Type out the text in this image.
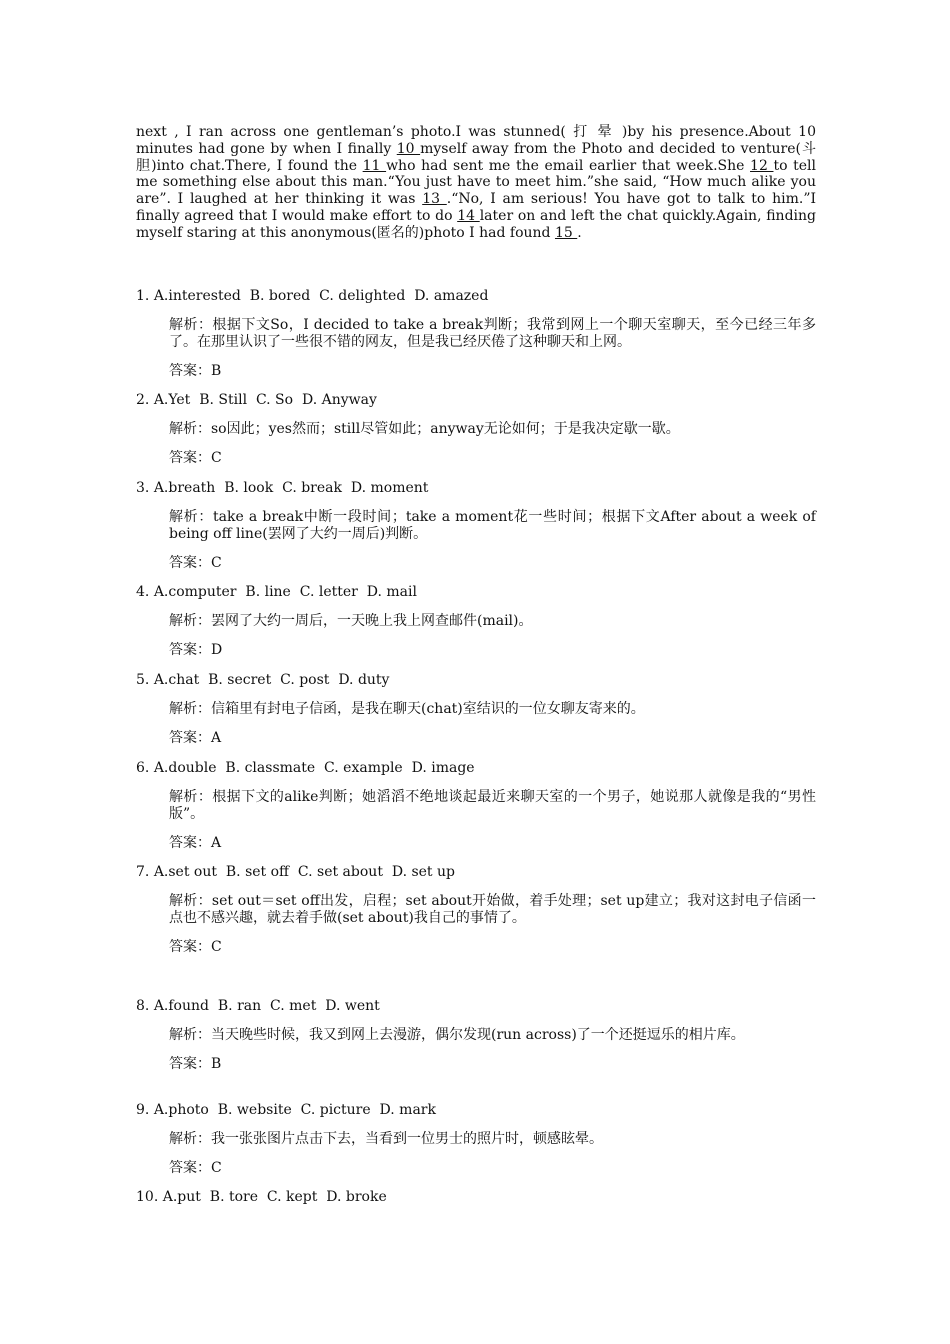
next , I ran across one gentleman’s photo.I was stunned( 打 晕 )by his presence.About 10 minutes had gone by when I finally 10 myself away from the Photo and decided to venture(斗胆)into chat.There, I found the 11 who had sent me the email earlier that week.She 12 to tell me something else about this man.“You just have to meet him.”she said, “How much alike you are”. I laughed at her thinking it was 13 .“No, I am serious! You have got to talk to him.”I finally agreed that I would make effort to do 14 later on and left the chat quickly.Again, finding myself staring at this anonymous(匿名的)photo I had found 15 .
1. A.interested  B. bored  C. delighted  D. amazed
解析：根据下文So，I decided to take a break判断；我常到网上一个聊天室聊天，至今已经三年多了。在那里认识了一些很不错的网友，但是我已经厌倦了这种聊天和上网。
答案：B
2. A.Yet  B. Still  C. So  D. Anyway
解析：so因此；yes然而；still尽管如此；anyway无论如何；于是我决定歇一歇。
答案：C
3. A.breath  B. look  C. break  D. moment
解析：take a break中断一段时间；take a moment花一些时间；根据下文After about a week of being off line(罢网了大约一周后)判断。
答案：C
4. A.computer  B. line  C. letter  D. mail
解析：罢网了大约一周后，一天晚上我上网查邮件(mail)。
答案：D
5. A.chat  B. secret  C. post  D. duty
解析：信箱里有封电子信函，是我在聊天(chat)室结识的一位女聊友寄来的。
答案：A
6. A.double  B. classmate  C. example  D. image
解析：根据下文的alike判断；她滔滔不绝地谈起最近来聊天室的一个男子，她说那人就像是我的“男性版”。
答案：A
7. A.set out  B. set off  C. set about  D. set up
解析：set out＝set off出发，启程；set about开始做，着手处理；set up建立；我对这封电子信函一点也不感兴趣，就去着手做(set about)我自己的事情了。
答案：C
8. A.found  B. ran  C. met  D. went
解析：当天晚些时候，我又到网上去漫游，偶尔发现(run across)了一个还挺逗乐的相片库。
答案：B
9. A.photo  B. website  C. picture  D. mark
解析：我一张张图片点击下去，当看到一位男士的照片时，顿感眩晕。
答案：C
10. A.put  B. tore  C. kept  D. broke
